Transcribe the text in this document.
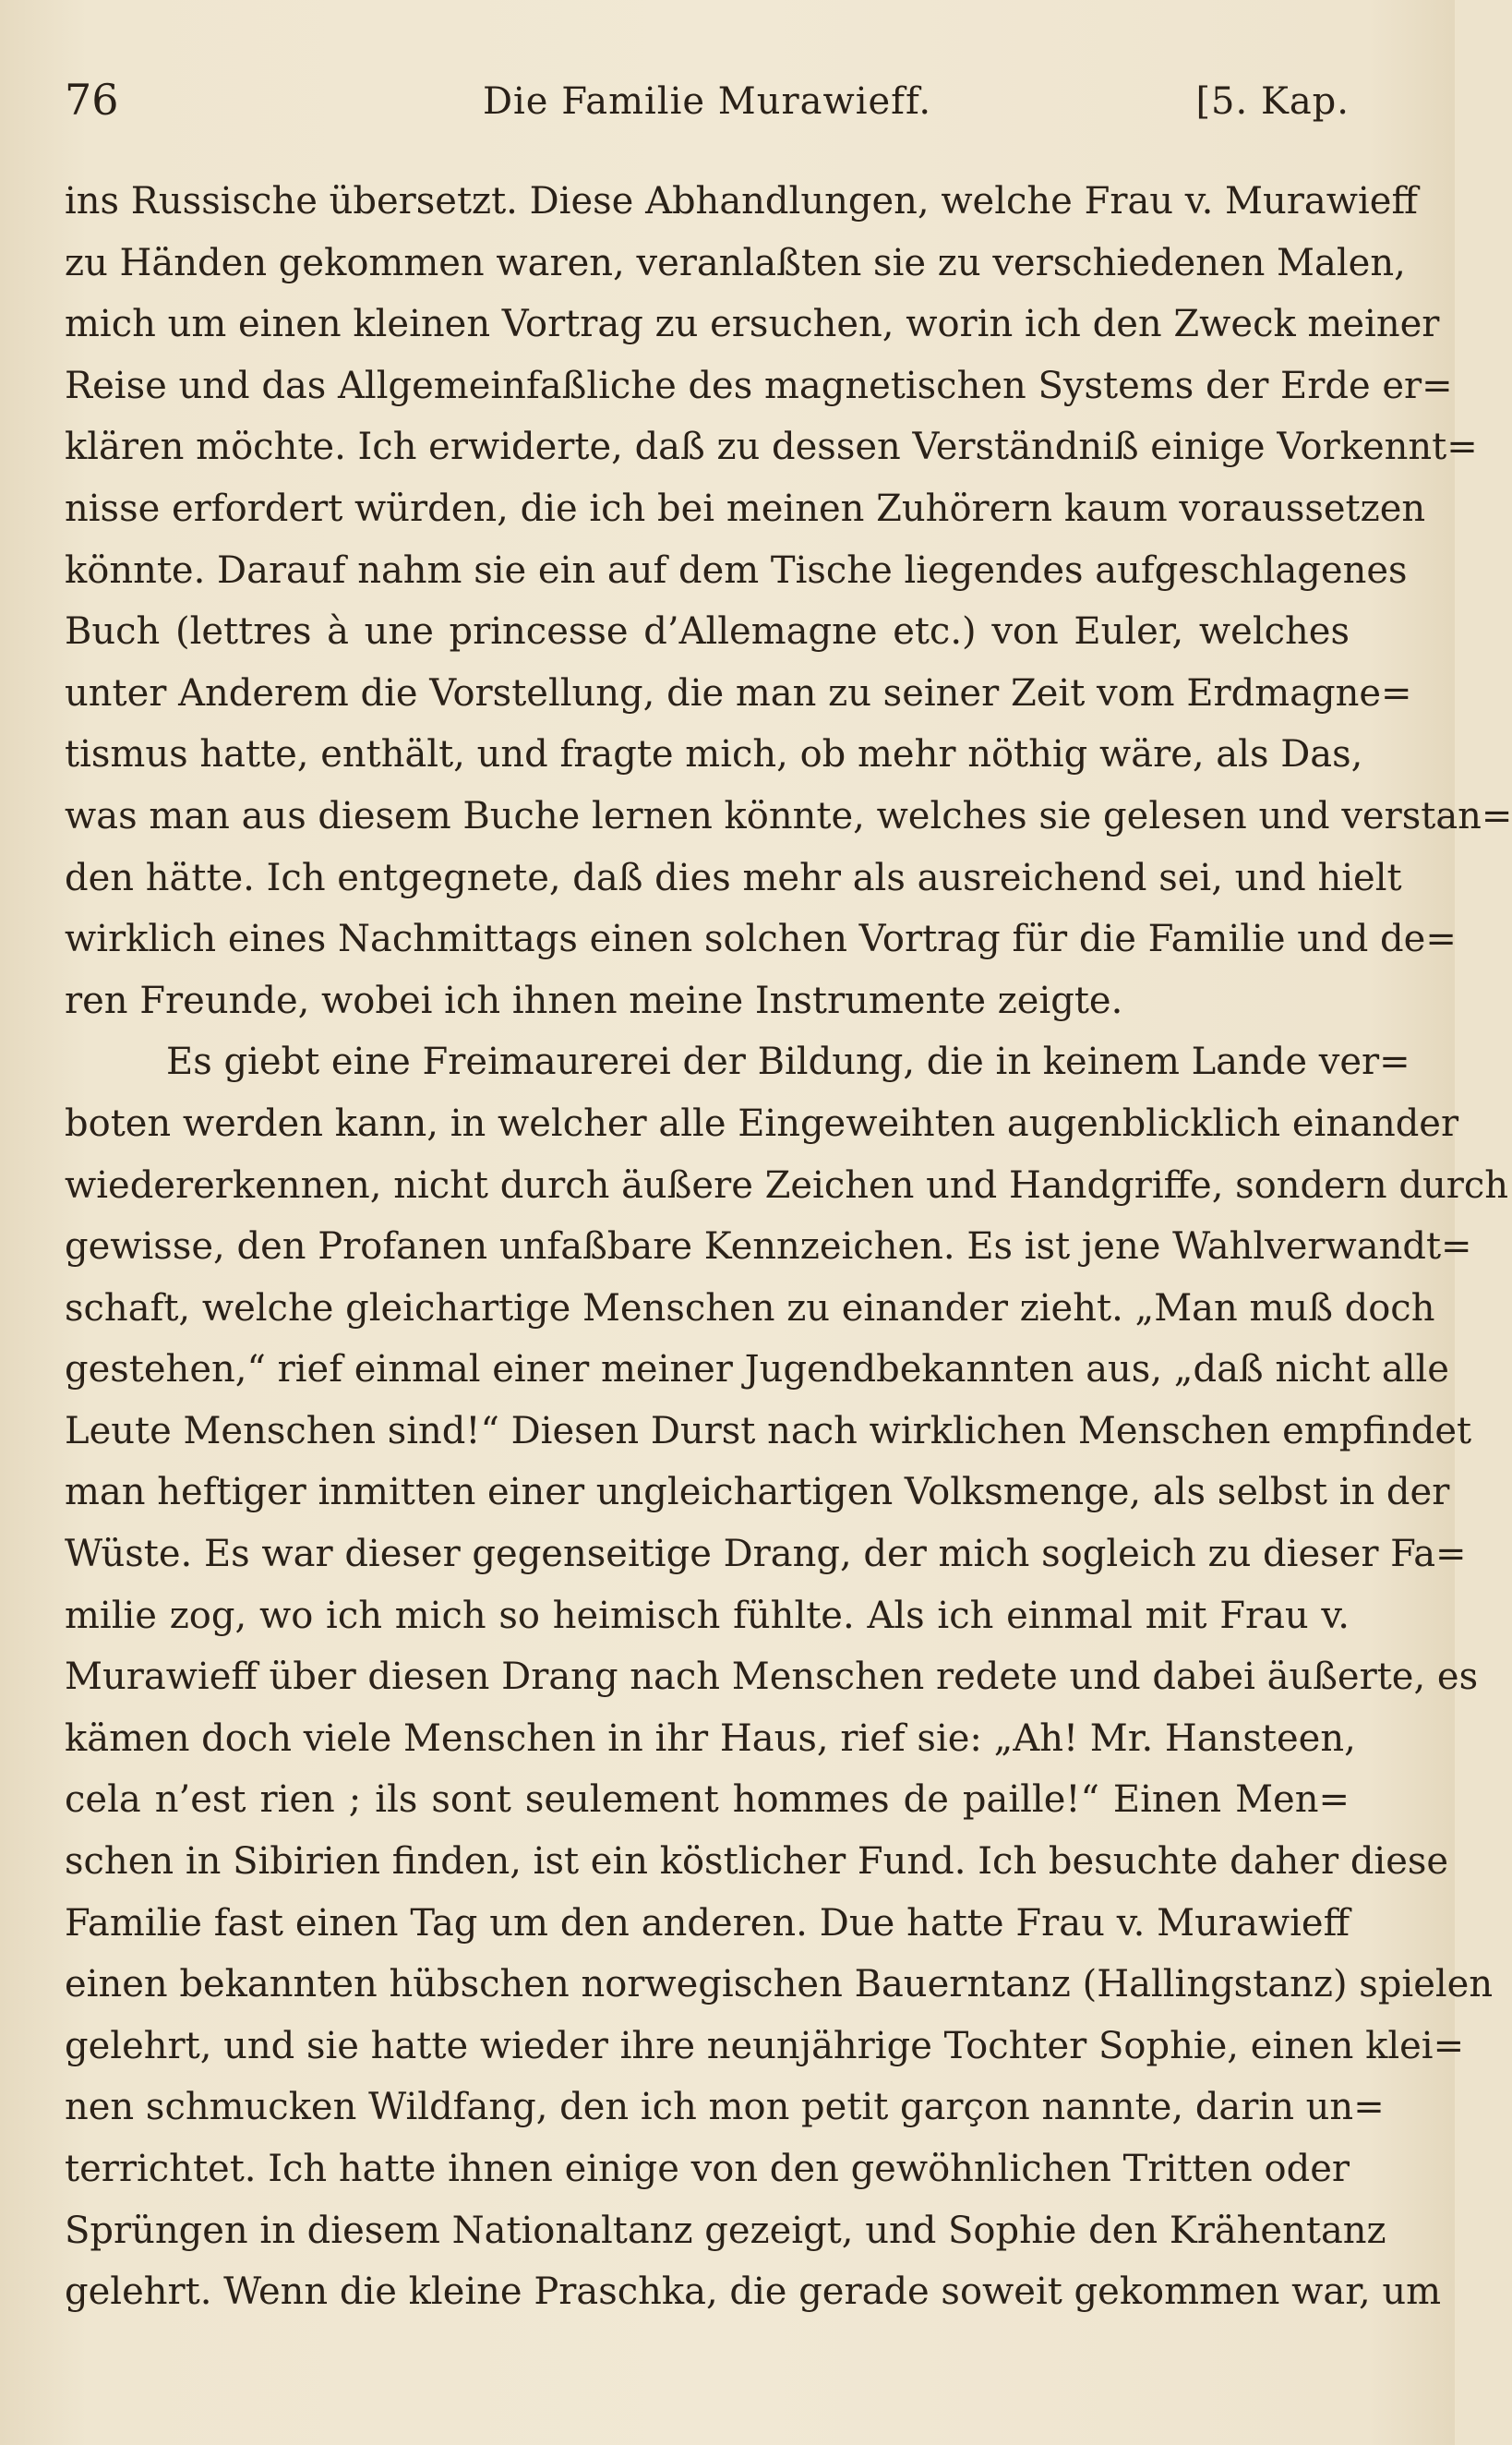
76	Die Familie Murawieff.	[5. Kap.
ins Russische übersetzt. Diese Abhandlungen, welche Frau v. Murawieff
zu Händen gekommen waren, veranlaßten sie zu verschiedenen Malen,
mich um einen kleinen Vortrag zu ersuchen, worin ich den Zweck meiner
Reise und das Allgemeinfaßliche des magnetischen Systems der Erde er=
klären möchte. Ich erwiderte, daß zu dessen Verständniß einige Vorkennt=
nisse erfordert würden, die ich bei meinen Zuhörern kaum voraussetzen
könnte. Darauf nahm sie ein auf dem Tische liegendes aufgeschlagenes
Buch (lettres à une princesse d’Allemagne etc.) von Euler, welches
unter Anderem die Vorstellung, die man zu seiner Zeit vom Erdmagne=
tismus hatte, enthält, und fragte mich, ob mehr nöthig wäre, als Das,
was man aus diesem Buche lernen könnte, welches sie gelesen und verstan=
den hätte. Ich entgegnete, daß dies mehr als ausreichend sei, und hielt
wirklich eines Nachmittags einen solchen Vortrag für die Familie und de=
ren Freunde, wobei ich ihnen meine Instrumente zeigte.
Es giebt eine Freimaurerei der Bildung, die in keinem Lande ver=
boten werden kann, in welcher alle Eingeweihten augenblicklich einander
wiedererkennen, nicht durch äußere Zeichen und Handgriffe, sondern durch
gewisse, den Profanen unfaßbare Kennzeichen. Es ist jene Wahlverwandt=
schaft, welche gleichartige Menschen zu einander zieht. „Man muß doch
gestehen,“ rief einmal einer meiner Jugendbekannten aus, „daß nicht alle
Leute Menschen sind!“ Diesen Durst nach wirklichen Menschen empfindet
man heftiger inmitten einer ungleichartigen Volksmenge, als selbst in der
Wüste. Es war dieser gegenseitige Drang, der mich sogleich zu dieser Fa=
milie zog, wo ich mich so heimisch fühlte. Als ich einmal mit Frau v.
Murawieff über diesen Drang nach Menschen redete und dabei äußerte, es
kämen doch viele Menschen in ihr Haus, rief sie: „Ah! Mr. Hansteen,
cela n’est rien ; ils sont seulement hommes de paille!“ Einen Men=
schen in Sibirien finden, ist ein köstlicher Fund. Ich besuchte daher diese
Familie fast einen Tag um den anderen. Due hatte Frau v. Murawieff
einen bekannten hübschen norwegischen Bauerntanz (Hallingstanz) spielen
gelehrt, und sie hatte wieder ihre neunjährige Tochter Sophie, einen klei=
nen schmucken Wildfang, den ich mon petit garçon nannte, darin un=
terrichtet. Ich hatte ihnen einige von den gewöhnlichen Tritten oder
Sprüngen in diesem Nationaltanz gezeigt, und Sophie den Krähentanz
gelehrt. Wenn die kleine Praschka, die gerade soweit gekommen war, um
